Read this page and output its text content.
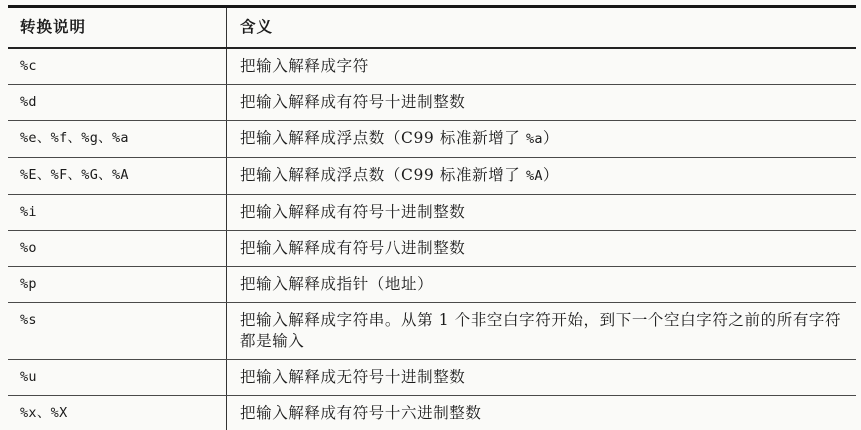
转换说明	含义
%c	把输入解释成字符
%d	把输入解释成有符号十进制整数
%e、%f、%g、%a	把输入解释成浮点数（C99 标准新增了 %a）
%E、%F、%G、%A	把输入解释成浮点数（C99 标准新增了 %A）
%i	把输入解释成有符号十进制整数
%o	把输入解释成有符号八进制整数
%p	把输入解释成指针（地址）
%s	把输入解释成字符串。从第 1 个非空白字符开始，到下一个空白字符之前的所有字符都是输入
%u	把输入解释成无符号十进制整数
%x、%X	把输入解释成有符号十六进制整数
